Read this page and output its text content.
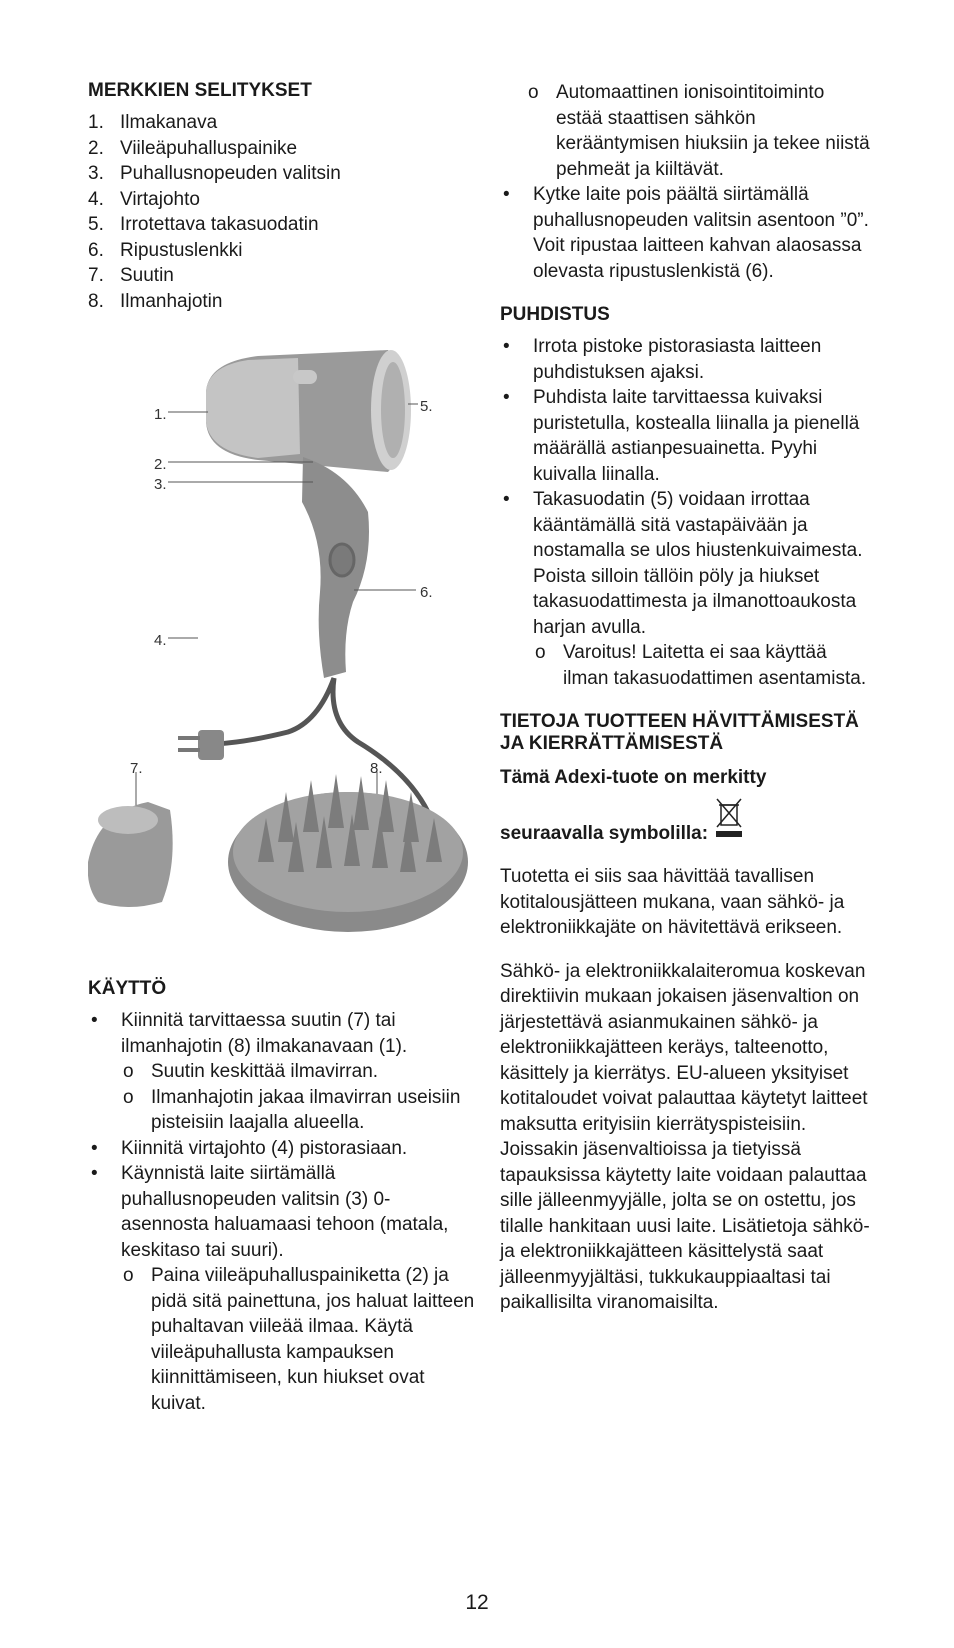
MERKKIEN SELITYKSET
1. Ilmakanava
2. Viileäpuhalluspainike
3. Puhallusnopeuden valitsin
4. Virtajohto
5. Irrotettava takasuodatin
6. Ripustuslenkki
7. Suutin
8. Ilmanhajotin
1.
2.
3.
4.
5.
6.
7.	8.
KÄYTTÖ
• Kiinnitä tarvittaessa suutin (7) tai ilmanhajotin (8) ilmakanavaan (1).
o Suutin keskittää ilmavirran.
o Ilmanhajotin jakaa ilmavirran useisiin pisteisiin laajalla alueella.
• Kiinnitä virtajohto (4) pistorasiaan.
• Käynnistä laite siirtämällä puhallusnopeuden valitsin (3) 0-asennosta haluamaasi tehoon (matala, keskitaso tai suuri).
o Paina viileäpuhalluspainiketta (2) ja pidä sitä painettuna, jos haluat laitteen puhaltavan viileää ilmaa. Käytä viileäpuhallusta kampauksen kiinnittämiseen, kun hiukset ovat kuivat.
o Automaattinen ionisointitoiminto estää staattisen sähkön kerääntymisen hiuksiin ja tekee niistä pehmeät ja kiiltävät.
• Kytke laite pois päältä siirtämällä puhallusnopeuden valitsin asentoon ”0”. Voit ripustaa laitteen kahvan alaosassa olevasta ripustuslenkistä (6).
PUHDISTUS
• Irrota pistoke pistorasiasta laitteen puhdistuksen ajaksi.
• Puhdista laite tarvittaessa kuivaksi puristetulla, kostealla liinalla ja pienellä määrällä astianpesuainetta. Pyyhi kuivalla liinalla.
• Takasuodatin (5) voidaan irrottaa kääntämällä sitä vastapäivään ja nostamalla se ulos hiustenkuivaimesta. Poista silloin tällöin pöly ja hiukset takasuodattimesta ja ilmanottoaukosta harjan avulla.
o Varoitus! Laitetta ei saa käyttää ilman takasuodattimen asentamista.
TIETOJA TUOTTEEN HÄVITTÄMISESTÄ JA KIERRÄTTÄMISESTÄ

Tämä Adexi-tuote on merkitty

seuraavalla symbolilla:

Tuotetta ei siis saa hävittää tavallisen kotitalousjätteen mukana, vaan sähkö- ja elektroniikkajäte on hävitettävä erikseen.

Sähkö- ja elektroniikkalaiteromua koskevan direktiivin mukaan jokaisen jäsenvaltion on järjestettävä asianmukainen sähkö- ja elektroniikkajätteen keräys, talteenotto, käsittely ja kierrätys. EU-alueen yksityiset kotitaloudet voivat palauttaa käytetyt laitteet maksutta erityisiin kierrätyspisteisiin. Joissakin jäsenvaltioissa ja tietyissä tapauksissa käytetty laite voidaan palauttaa sille jälleenmyyjälle, jolta se on ostettu, jos tilalle hankitaan uusi laite. Lisätietoja sähkö- ja elektroniikkajätteen käsittelystä saat jälleenmyyjältäsi, tukkukauppiaaltasi tai paikallisilta viranomaisilta.

12
